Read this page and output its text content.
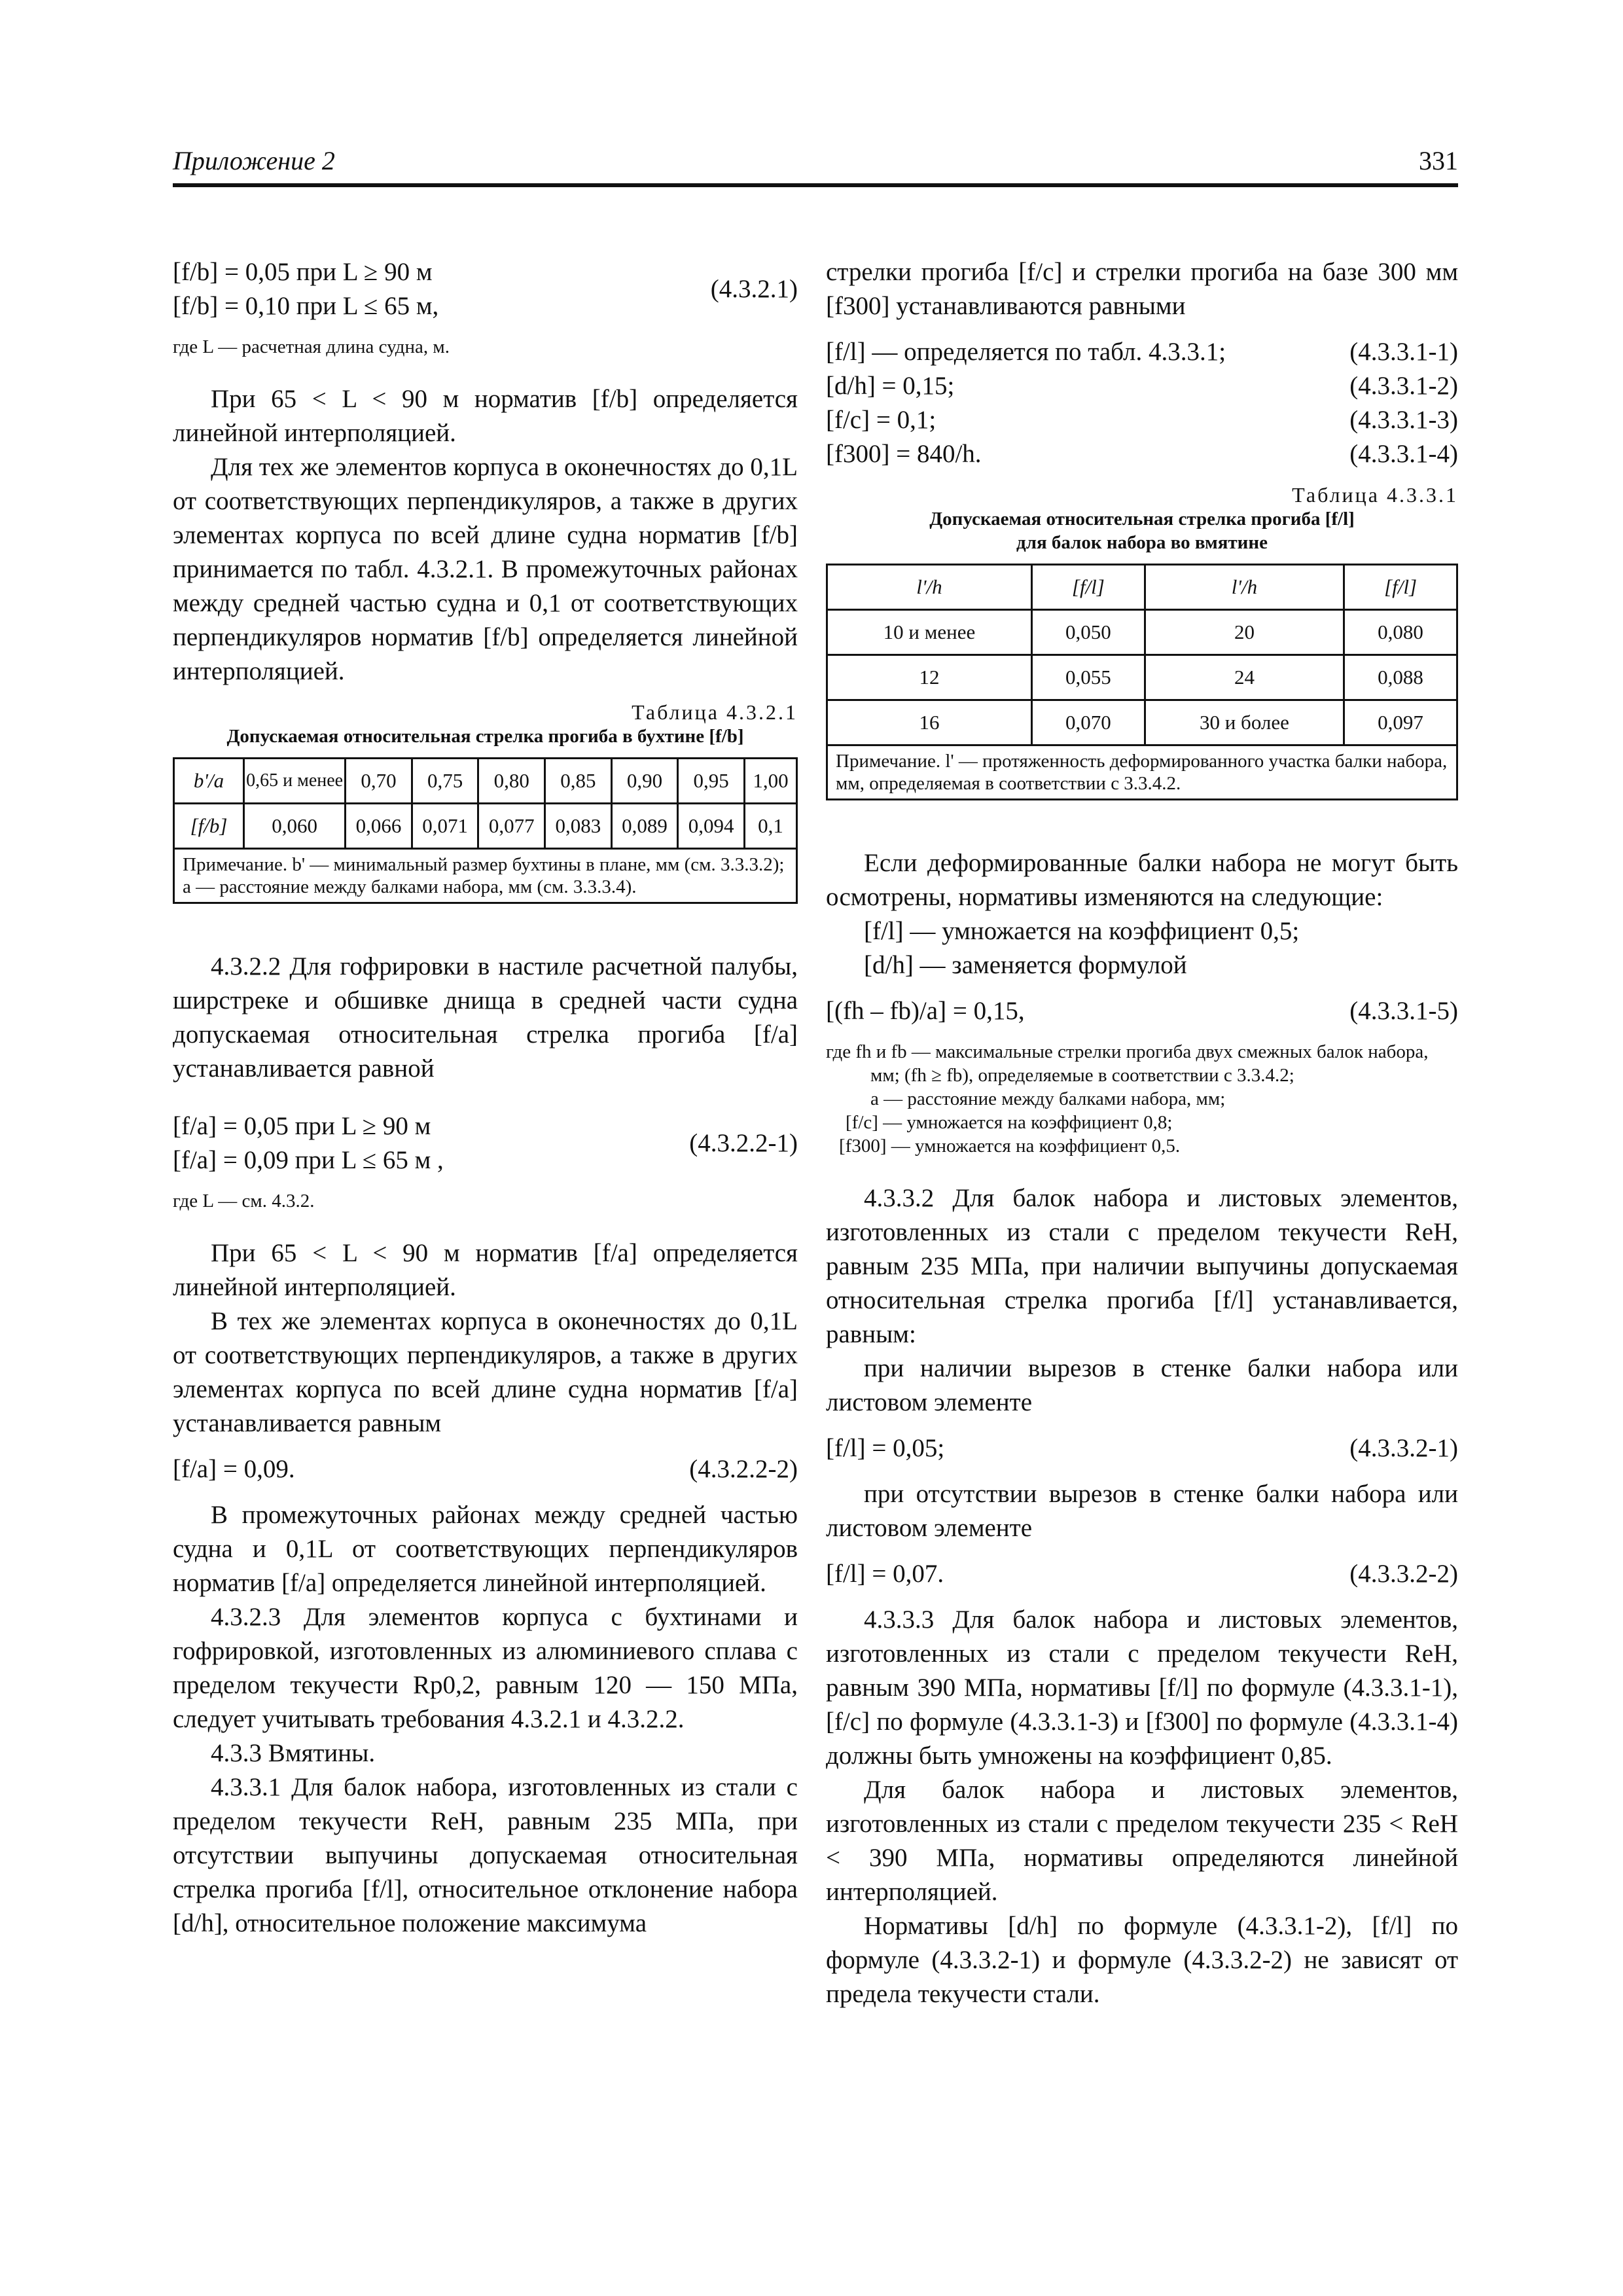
Приложение 2	331
[f/b] = 0,05 при L ≥ 90 м
[f/b] = 0,10 при L ≤ 65 м,
(4.3.2.1)

где L — расчетная длина судна, м.

При 65 < L < 90 м норматив [f/b] определяется линейной интерполяцией.

Для тех же элементов корпуса в оконечностях до 0,1L от соответствующих перпендикуляров, а также в других элементах корпуса по всей длине судна норматив [f/b] принимается по табл. 4.3.2.1. В промежуточных районах между средней частью судна и 0,1 от соответствующих перпендикуляров норматив [f/b] определяется линейной интерполяцией.

Таблица 4.3.2.1

Допускаемая относительная стрелка прогиба в бухтине [f/b]

b'/a	0,65 и менее	0,70	0,75	0,80	0,85	0,90	0,95	1,00
[f/b]	0,060	0,066	0,071	0,077	0,083	0,089	0,094	0,1
Примечание. b' — минимальный размер бухтины в плане, мм (см. 3.3.3.2); a — расстояние между балками набора, мм (см. 3.3.3.4).								

4.3.2.2 Для гофрировки в настиле расчетной палубы, ширстреке и обшивке днища в средней части судна допускаемая относительная стрелка прогиба [f/a] устанавливается равной

[f/a] = 0,05 при L ≥ 90 м
[f/a] = 0,09 при L ≤ 65 м ,
(4.3.2.2-1)

где L — см. 4.3.2.

При 65 < L < 90 м норматив [f/a] определяется линейной интерполяцией.

В тех же элементах корпуса в оконечностях до 0,1L от соответствующих перпендикуляров, а также в других элементах корпуса по всей длине судна норматив [f/a] устанавливается равным

[f/a] = 0,09.	(4.3.2.2-2)

В промежуточных районах между средней частью судна и 0,1L от соответствующих перпендикуляров норматив [f/a] определяется линейной интерполяцией.

4.3.2.3 Для элементов корпуса с бухтинами и гофрировкой, изготовленных из алюминиевого сплава с пределом текучести Rp0,2, равным 120 — 150 МПа, следует учитывать требования 4.3.2.1 и 4.3.2.2.

4.3.3 Вмятины.

4.3.3.1 Для балок набора, изготовленных из стали с пределом текучести ReH, равным 235 МПа, при отсутствии выпучины допускаемая относительная стрелка прогиба [f/l], относительное отклонение набора [d/h], относительное положение максимума

стрелки прогиба [f/c] и стрелки прогиба на базе 300 мм [f300] устанавливаются равными

[f/l] — определяется по табл. 4.3.3.1;	(4.3.3.1-1)
[d/h] = 0,15;	(4.3.3.1-2)
[f/c] = 0,1;	(4.3.3.1-3)
[f300] = 840/h.	(4.3.3.1-4)

Таблица 4.3.3.1

Допускаемая относительная стрелка прогиба [f/l]

для балок набора во вмятине

l'/h	[f/l]	l'/h	[f/l]
10 и менее	0,050	20	0,080
12	0,055	24	0,088
16	0,070	30 и более	0,097
Примечание. l' — протяженность деформированного участка балки набора, мм, определяемая в соответствии с 3.3.4.2.			

Если деформированные балки набора не могут быть осмотрены, нормативы изменяются на следующие:

[f/l] — умножается на коэффициент 0,5;

[d/h] — заменяется формулой

[(fh – fb)/a] = 0,15,	(4.3.3.1-5)

где fh и fb — максимальные стрелки прогиба двух смежных балок набора, мм; (fh ≥ fb), определяемые в соответствии с 3.3.4.2;

a — расстояние между балками набора, мм;

[f/c] — умножается на коэффициент 0,8;

[f300] — умножается на коэффициент 0,5.

4.3.3.2 Для балок набора и листовых элементов, изготовленных из стали с пределом текучести ReH, равным 235 МПа, при наличии выпучины допускаемая относительная стрелка прогиба [f/l] устанавливается, равным:

при наличии вырезов в стенке балки набора или листовом элементе

[f/l] = 0,05;	(4.3.3.2-1)

при отсутствии вырезов в стенке балки набора или листовом элементе

[f/l] = 0,07.	(4.3.3.2-2)

4.3.3.3 Для балок набора и листовых элементов, изготовленных из стали с пределом текучести ReH, равным 390 МПа, нормативы [f/l] по формуле (4.3.3.1-1), [f/c] по формуле (4.3.3.1-3) и [f300] по формуле (4.3.3.1-4) должны быть умножены на коэффициент 0,85.

Для балок набора и листовых элементов, изготовленных из стали с пределом текучести 235 < ReH < 390 МПа, нормативы определяются линейной интерполяцией.

Нормативы [d/h] по формуле (4.3.3.1-2), [f/l] по формуле (4.3.3.2-1) и формуле (4.3.3.2-2) не зависят от предела текучести стали.
